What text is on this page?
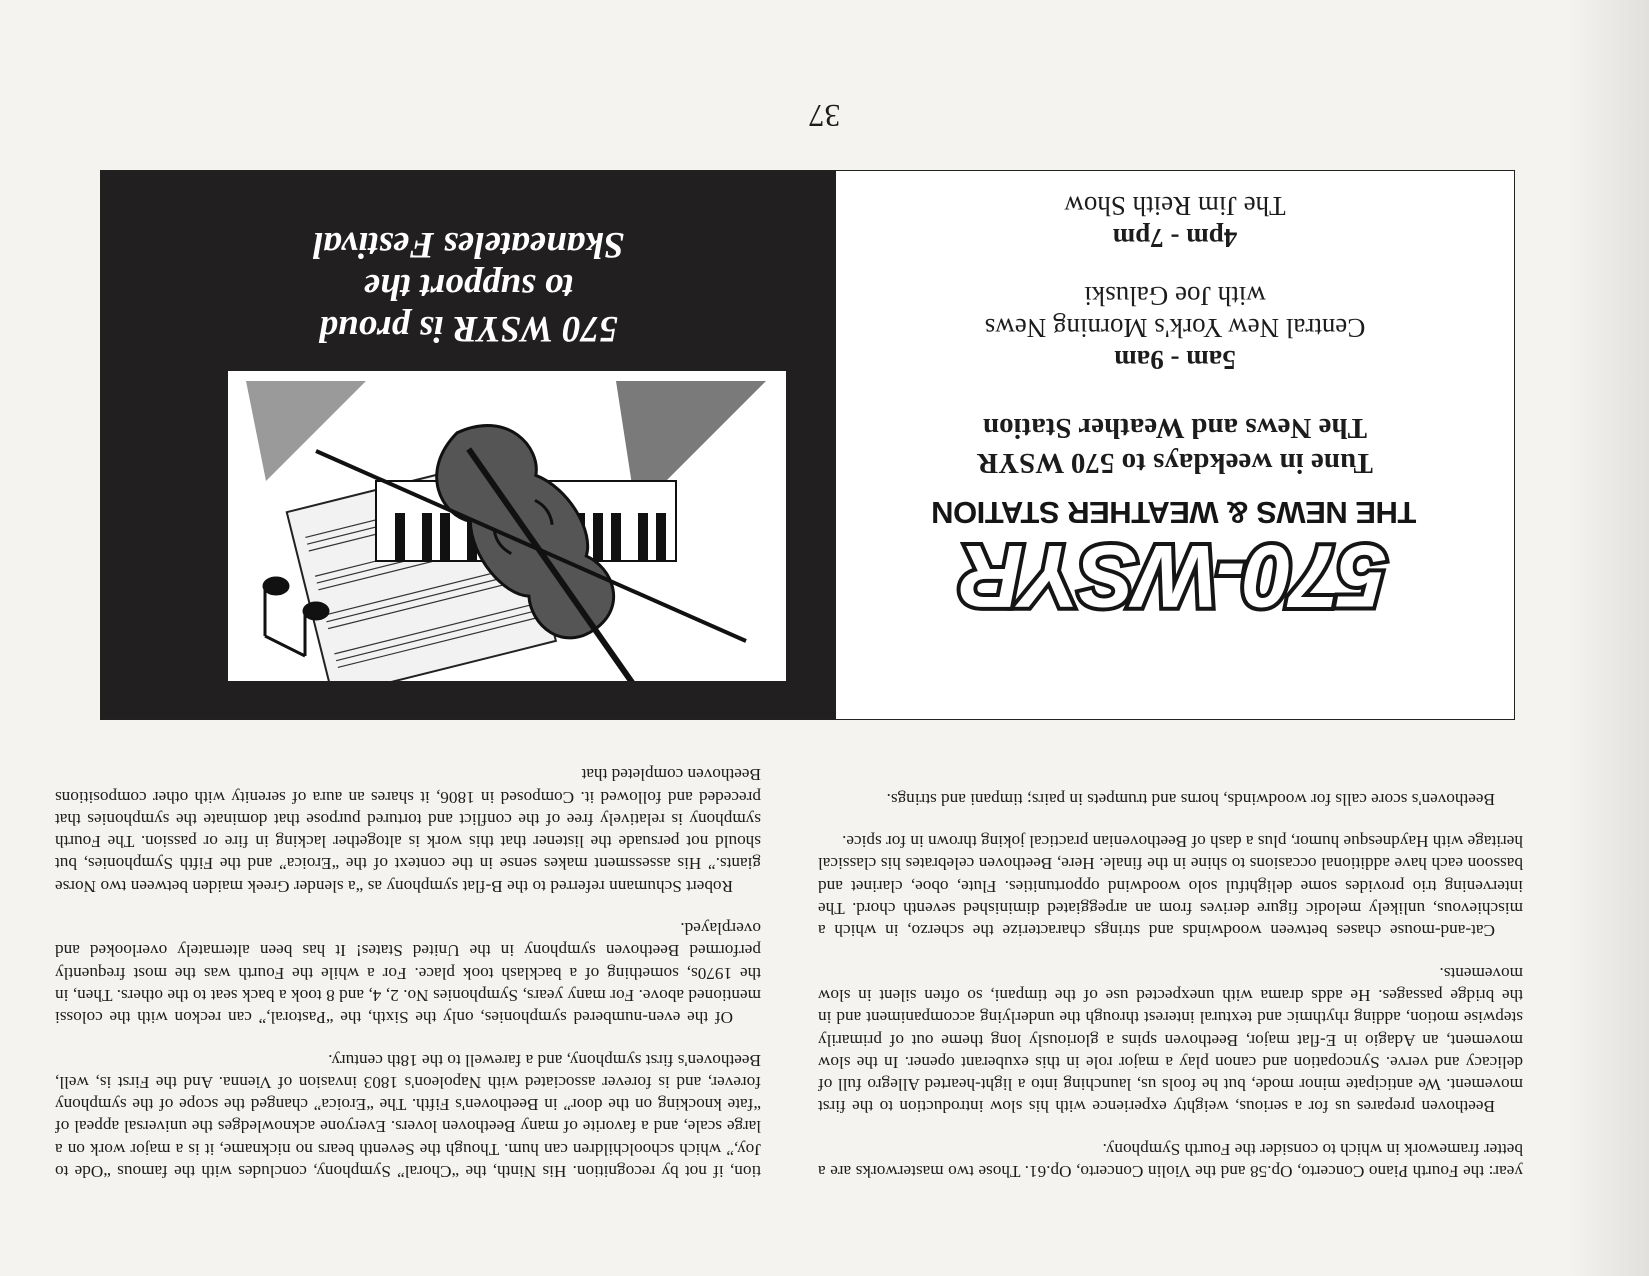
37

year: the Fourth Piano Concerto, Op.58 and the Violin Concerto, Op.61. Those two masterworks are a better framework in which to consider the Fourth Symphony.

Beethoven prepares us for a serious, weighty experience with his slow introduction to the first movement. We anticipate minor mode, but he fools us, launching into a light-hearted Allegro full of delicacy and verve. Syncopation and canon play a major role in this exuberant opener. In the slow movement, an Adagio in E-flat major, Beethoven spins a gloriously long theme out of primarily stepwise motion, adding rhythmic and textural interest through the underlying accompaniment and in the bridge passages. He adds drama with unexpected use of the timpani, so often silent in slow movements.

Cat-and-mouse chases between woodwinds and strings characterize the scherzo, in which a mischievous, unlikely melodic figure derives from an arpeggiated diminished seventh chord. The intervening trio provides some delightful solo woodwind opportunities. Flute, oboe, clarinet and bassoon each have additional occasions to shine in the finale. Here, Beethoven celebrates his classical heritage with Haydnesque humor, plus a dash of Beethovenian practical joking thrown in for spice.

Beethoven's score calls for woodwinds, horns and trumpets in pairs; timpani and strings.

tion, if not by recognition. His Ninth, the “Choral” Symphony, concludes with the famous “Ode to Joy,” which schoolchildren can hum. Though the Seventh bears no nickname, it is a major work on a large scale, and a favorite of many Beethoven lovers. Everyone acknowledges the universal appeal of “fate knocking on the door” in Beethoven's Fifth. The “Eroica” changed the scope of the symphony forever, and is forever associated with Napoleon's 1803 invasion of Vienna. And the First is, well, Beethoven's first symphony, and a farewell to the 18th century.

Of the even-numbered symphonies, only the Sixth, the “Pastoral,” can reckon with the colossi mentioned above. For many years, Symphonies No. 2, 4, and 8 took a back seat to the others. Then, in the 1970s, something of a backlash took place. For a while the Fourth was the most frequently performed Beethoven symphony in the United States! It has been alternately overlooked and overplayed.

Robert Schumann referred to the B-flat symphony as “a slender Greek maiden between two Norse giants.” His assessment makes sense in the context of the “Eroica” and the Fifth Symphonies, but should not persuade the listener that this work is altogether lacking in fire or passion. The Fourth symphony is relatively free of the conflict and tortured purpose that dominate the symphonies that preceded and followed it. Composed in 1806, it shares an aura of serenity with other compositions Beethoven completed that

570-WSYR
THE NEWS & WEATHER STATION
Tune in weekdays to 570 WSYR
The News and Weather Station
5am - 9am
Central New York's Morning News
with Joe Galuski
4pm - 7pm
The Jim Reith Show
570 WSYR is proud
to support the
Skaneateles Festival
